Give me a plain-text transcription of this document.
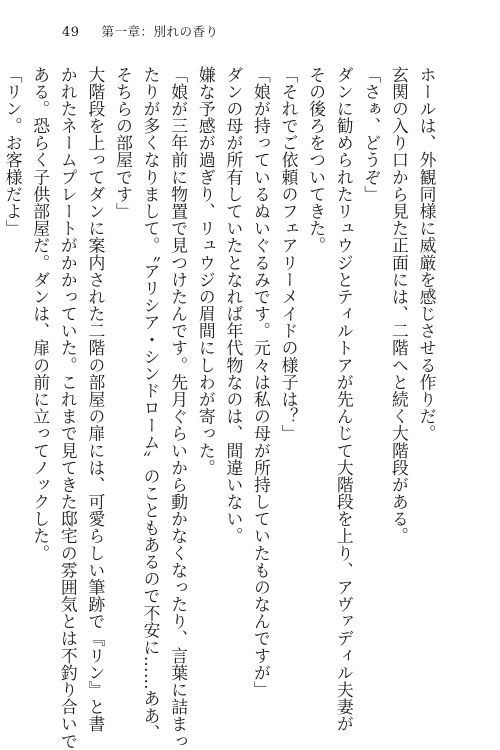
49 第一章：別れの香り

ホールは、外観同様に威厳を感じさせる作りだ。

玄関の入り口から見た正面には、二階へと続く大階段がある。

「さぁ、どうぞ」

ダンに勧められたリュウジとティルトアが先んじて大階段を上り、アヴァディル夫妻が

その後ろをついてきた。

「それでご依頼のフェアリーメイドの様子は？」

「娘が持っているぬいぐるみです。元々は私の母が所持していたものなんですが」

ダンの母が所有していたとなれば年代物なのは、間違いない。

嫌な予感が過ぎり、リュウジの眉間にしわが寄った。

「娘が三年前に物置で見つけたんです。先月ぐらいから動かなくなったり、言葉に詰まっ

たりが多くなりまして。〝アリシア・シンドローム〟のこともあるので不安に……ああ、

そちらの部屋です」

大階段を上ってダンに案内された二階の部屋の扉には、可愛らしい筆跡で『リン』と書

かれたネームプレートがかかっていた。これまで見てきた邸宅の雰囲気とは不釣り合いで

ある。恐らく子供部屋だ。ダンは、扉の前に立ってノックした。

「リン。お客様だよ」
